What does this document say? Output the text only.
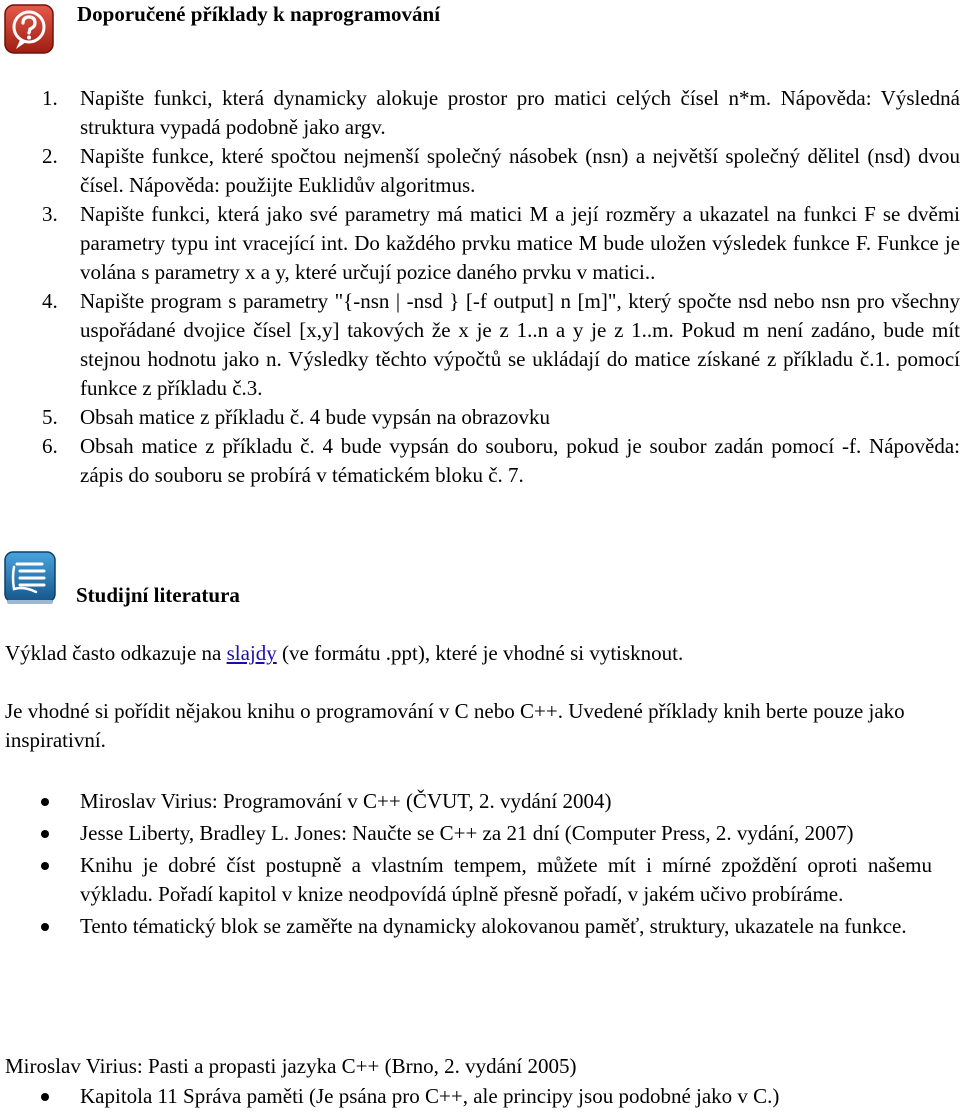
Doporučené příklady k naprogramování
1. Napište funkci, která dynamicky alokuje prostor pro matici celých čísel n*m. Nápověda: Výsledná struktura vypadá podobně jako argv.
2. Napište funkce, které spočtou nejmenší společný násobek (nsn) a největší společný dělitel (nsd) dvou čísel. Nápověda: použijte Euklidův algoritmus.
3. Napište funkci, která jako své parametry má matici M a její rozměry a ukazatel na funkci F se dvěmi parametry typu int vracející int. Do každého prvku matice M bude uložen výsledek funkce F. Funkce je volána s parametry x a y, které určují pozice daného prvku v matici..
4. Napište program s parametry "{-nsn | -nsd } [-f output] n [m]", který spočte nsd nebo nsn pro všechny uspořádané dvojice čísel [x,y] takových že x je z 1..n a y je z 1..m. Pokud m není zadáno, bude mít stejnou hodnotu jako n. Výsledky těchto výpočtů se ukládají do matice získané z příkladu č.1. pomocí funkce z příkladu č.3.
5. Obsah matice z příkladu č. 4 bude vypsán na obrazovku
6. Obsah matice z příkladu č. 4 bude vypsán do souboru, pokud je soubor zadán pomocí -f. Nápověda: zápis do souboru se probírá v tématickém bloku č. 7.
Studijní literatura

Výklad často odkazuje na slajdy (ve formátu .ppt), které je vhodné si vytisknout.

Je vhodné si pořídit nějakou knihu o programování v C nebo C++. Uvedené příklady knih berte pouze jako inspirativní.

Miroslav Virius: Programování v C++ (ČVUT, 2. vydání 2004)
Jesse Liberty, Bradley L. Jones: Naučte se C++ za 21 dní (Computer Press, 2. vydání, 2007)
Knihu je dobré číst postupně a vlastním tempem, můžete mít i mírné zpoždění oproti našemu výkladu. Pořadí kapitol v knize neodpovídá úplně přesně pořadí, v jakém učivo probíráme.
Tento tématický blok se zaměřte na dynamicky alokovanou paměť, struktury, ukazatele na funkce.

Miroslav Virius: Pasti a propasti jazyka C++ (Brno, 2. vydání 2005)

Kapitola 11 Správa paměti (Je psána pro C++, ale principy jsou podobné jako v C.)
